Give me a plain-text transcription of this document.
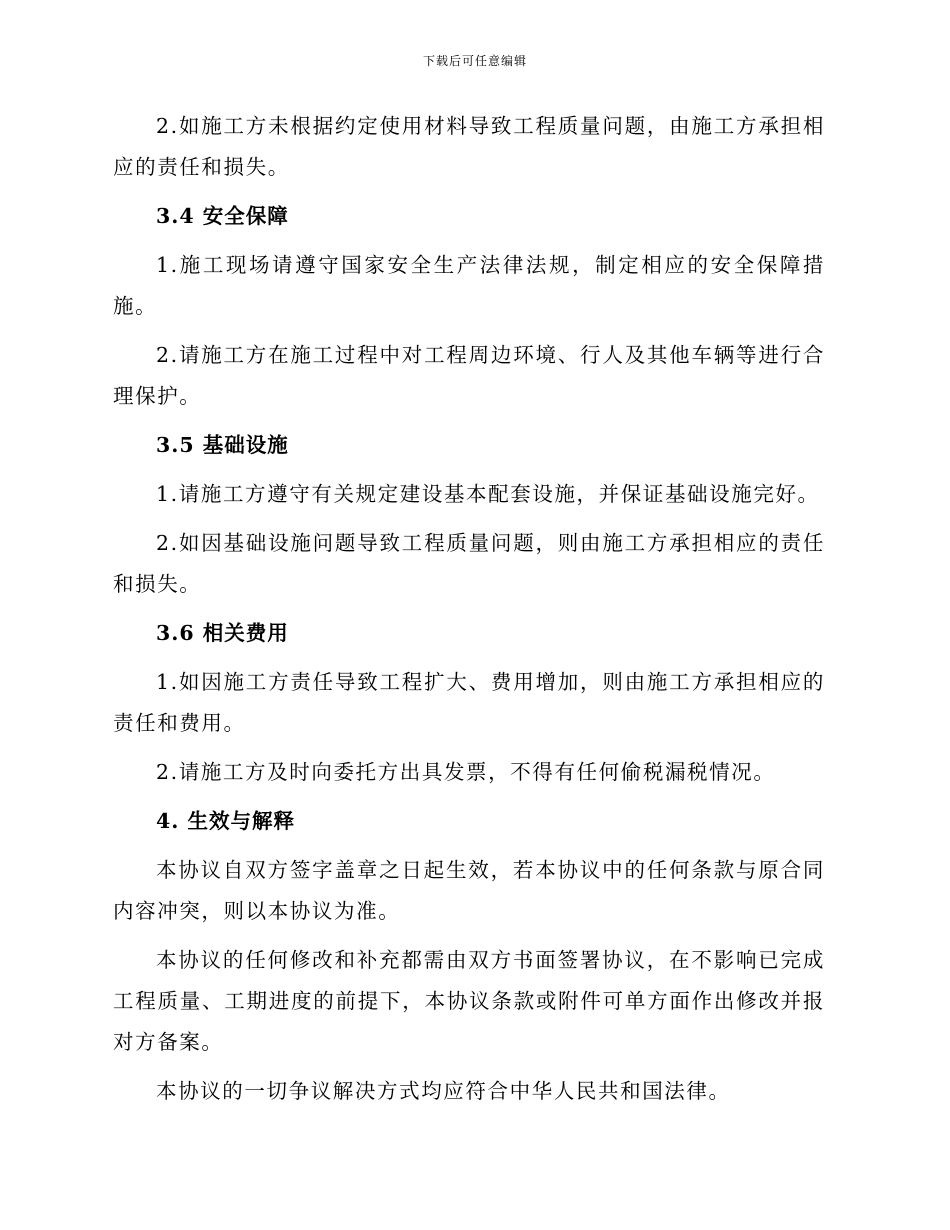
下载后可任意编辑

2.如施工方未根据约定使用材料导致工程质量问题，由施工方承担相应的责任和损失。

3.4 安全保障

1.施工现场请遵守国家安全生产法律法规，制定相应的安全保障措施。

2.请施工方在施工过程中对工程周边环境、行人及其他车辆等进行合理保护。

3.5 基础设施

1.请施工方遵守有关规定建设基本配套设施，并保证基础设施完好。

2.如因基础设施问题导致工程质量问题，则由施工方承担相应的责任和损失。

3.6 相关费用

1.如因施工方责任导致工程扩大、费用增加，则由施工方承担相应的责任和费用。

2.请施工方及时向委托方出具发票，不得有任何偷税漏税情况。

4. 生效与解释

本协议自双方签字盖章之日起生效，若本协议中的任何条款与原合同内容冲突，则以本协议为准。

本协议的任何修改和补充都需由双方书面签署协议，在不影响已完成工程质量、工期进度的前提下，本协议条款或附件可单方面作出修改并报对方备案。

本协议的一切争议解决方式均应符合中华人民共和国法律。
